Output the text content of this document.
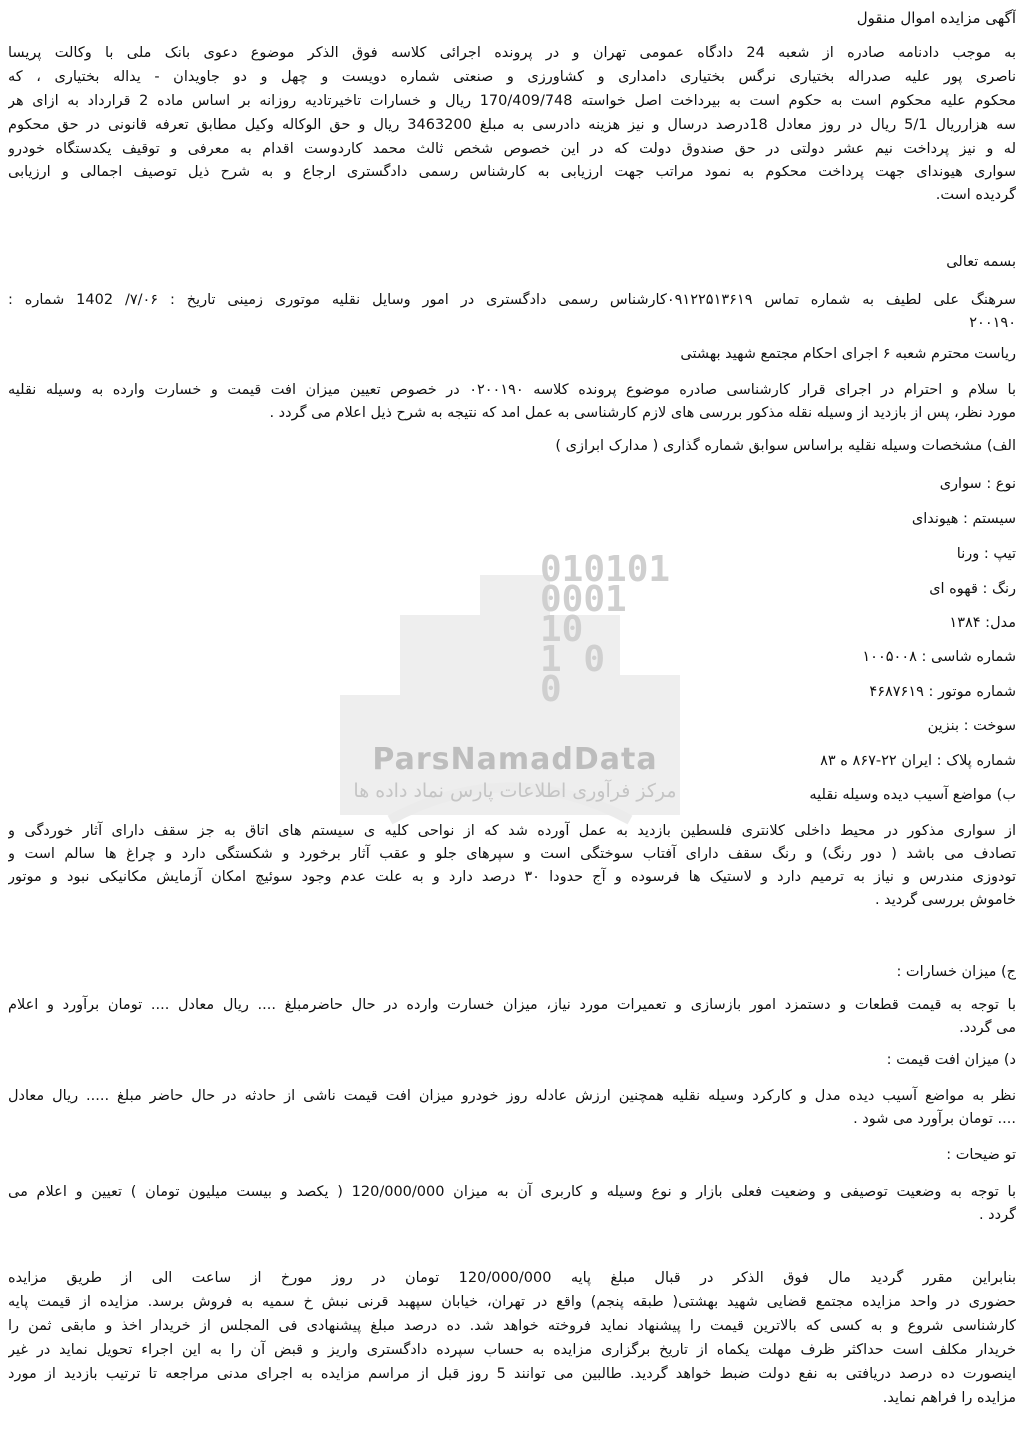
010101
0001
10
1 0
0
ParsNamadData
مرکز فرآوری اطلاعات پارس نماد داده ها
آگهی مزایده اموال منقول
به موجب دادنامه صادره از شعبه 24 دادگاه عمومی تهران و در پرونده اجرائی کلاسه فوق الذکر موضوع دعوی بانک ملی با وکالت پریسا
ناصری پور علیه صدراله بختیاری نرگس بختیاری دامداری و کشاورزی و صنعتی شماره دویست و چهل و دو جاویدان - یداله بختیاری ، که
محکوم علیه محکوم است به حکوم است به بیرداخت اصل خواسته 170/409/748 ریال و خسارات تاخیرتادیه روزانه بر اساس ماده 2 قرارداد به ازای هر
سه هزارریال 5/1 ریال در روز معادل 18درصد درسال و نیز هزینه دادرسی به مبلغ 3463200 ریال و حق الوکاله وکیل مطابق تعرفه قانونی در حق محکوم
له و نیز پرداخت نیم عشر دولتی در حق صندوق دولت که در این خصوص شخص ثالث محمد کاردوست اقدام به معرفی و توقیف یکدستگاه خودرو
سواری هیوندای جهت پرداخت محکوم به نمود مراتب جهت ارزیابی به کارشناس رسمی دادگستری ارجاع و به شرح ذیل توصیف اجمالی و ارزیابی
گردیده است.
بسمه تعالی
سرهنگ علی لطیف به شماره تماس ۰۹۱۲۲۵۱۳۶۱۹کارشناس رسمی دادگستری در امور وسایل نقلیه موتوری زمینی تاریخ : ۷/۰۶/ 1402 شماره :
۲۰۰۱۹۰
ریاست محترم شعبه ۶ اجرای احکام مجتمع شهید بهشتی
با سلام و احترام در اجرای قرار کارشناسی صادره موضوع پرونده کلاسه ۰۲۰۰۱۹۰ در خصوص تعیین میزان افت قیمت و خسارت وارده به وسیله نقلیه
مورد نظر، پس از بازدید از وسیله نقله مذکور بررسی های لازم کارشناسی به عمل امد که نتیجه به شرح ذیل اعلام می گردد .
الف) مشخصات وسیله نقلیه براساس سوابق شماره گذاری ( مدارک ابرازی )
نوع : سواری
سیستم : هیوندای
تیپ : ورنا
رنگ : قهوه ای
مدل: ۱۳۸۴
شماره شاسی : ۱۰۰۵۰۰۸
شماره موتور : ۴۶۸۷۶۱۹
سوخت : بنزین
شماره پلاک : ایران ۲۲-۸۶۷ ه ۸۳
ب) مواضع آسیب دیده وسیله نقلیه
از سواری مذکور در محیط داخلی کلانتری فلسطین بازدید به عمل آورده شد که از نواحی کلیه ی سیستم های اتاق به جز سقف دارای آثار خوردگی و
تصادف می باشد ( دور رنگ) و رنگ سقف دارای آفتاب سوختگی است و سپرهای جلو و عقب آثار برخورد و شکستگی دارد و چراغ ها سالم است و
تودوزی مندرس و نیاز به ترمیم دارد و لاستیک ها فرسوده و آج حدودا ۳۰ درصد دارد و به علت عدم وجود سوئیچ امکان آزمایش مکانیکی نبود و موتور
خاموش بررسی گردید .
ج) میزان خسارات :
با توجه به قیمت قطعات و دستمزد امور بازسازی و تعمیرات مورد نیاز، میزان خسارت وارده در حال حاضرمبلغ .... ریال معادل .... تومان برآورد و اعلام
می گردد.
د) میزان افت قیمت :
نظر به مواضع آسیب دیده مدل و کارکرد وسیله نقلیه همچنین ارزش عادله روز خودرو میزان افت قیمت ناشی از حادثه در حال حاضر مبلغ ..... ریال معادل
.... تومان برآورد می شود .
تو ضیحات :
با توجه به وضعیت توصیفی و وضعیت فعلی بازار و نوع وسیله و کاربری آن به میزان 120/000/000 ( یکصد و بیست میلیون تومان ) تعیین و اعلام می
گردد .
بنابراین مقرر گردید مال فوق الذکر در قبال مبلغ پایه 120/000/000 تومان در روز مورخ از ساعت الی از طریق مزایده
حضوری در واحد مزایده مجتمع قضایی شهید بهشتی( طبقه پنجم) واقع در تهران، خیابان سپهبد قرنی نبش خ سمیه به فروش برسد. مزایده از قیمت پایه
کارشناسی شروع و به کسی که بالاترین قیمت را پیشنهاد نماید فروخته خواهد شد. ده درصد مبلغ پیشنهادی فی المجلس از خریدار اخذ و مابقی ثمن را
خریدار مکلف است حداکثر ظرف مهلت یکماه از تاریخ برگزاری مزایده به حساب سپرده دادگستری واریز و قبض آن را به این اجراء تحویل نماید در غیر
اینصورت ده درصد دریافتی به نفع دولت ضبط خواهد گردید. طالبین می توانند 5 روز قبل از مراسم مزایده به اجرای مدنی مراجعه تا ترتیب بازدید از مورد
مزایده را فراهم نماید.
